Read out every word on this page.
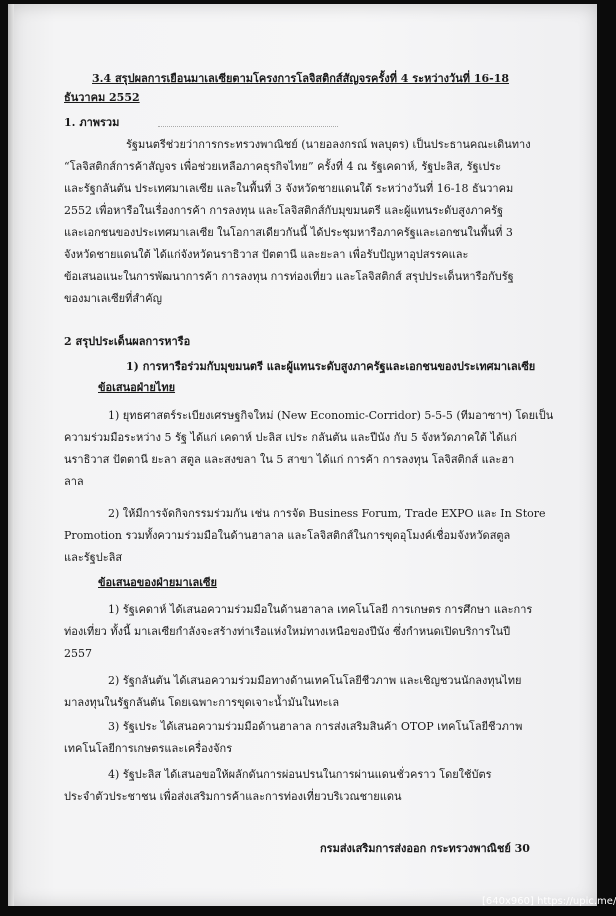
3.4 สรุปผลการเยือนมาเลเซียตามโครงการโลจิสติกส์สัญจรครั้งที่ 4 ระหว่างวันที่ 16-18
ธันวาคม 2552
1. ภาพรวม
รัฐมนตรีช่วยว่าการกระทรวงพาณิชย์ (นายอลงกรณ์ พลบุตร) เป็นประธานคณะเดินทาง
“โลจิสติกส์การค้าสัญจร เพื่อช่วยเหลือภาคธุรกิจไทย” ครั้งที่ 4 ณ รัฐเคดาห์, รัฐปะลิส, รัฐเประ
และรัฐกลันตัน ประเทศมาเลเซีย และในพื้นที่ 3 จังหวัดชายแดนใต้ ระหว่างวันที่ 16-18 ธันวาคม
2552 เพื่อหารือในเรื่องการค้า การลงทุน และโลจิสติกส์กับมุขมนตรี และผู้แทนระดับสูงภาครัฐ
และเอกชนของประเทศมาเลเซีย ในโอกาสเดียวกันนี้ ได้ประชุมหารือภาครัฐและเอกชนในพื้นที่ 3
จังหวัดชายแดนใต้ ได้แก่จังหวัดนราธิวาส ปัตตานี และยะลา เพื่อรับปัญหาอุปสรรคและ
ข้อเสนอแนะในการพัฒนาการค้า การลงทุน การท่องเที่ยว และโลจิสติกส์ สรุปประเด็นหารือกับรัฐ
ของมาเลเซียที่สำคัญ
2 สรุปประเด็นผลการหารือ
1) การหารือร่วมกับมุขมนตรี และผู้แทนระดับสูงภาครัฐและเอกชนของประเทศมาเลเซีย
ข้อเสนอฝ่ายไทย
1) ยุทธศาสตร์ระเบียงเศรษฐกิจใหม่ (New Economic-Corridor) 5-5-5 (ทีมอาซาฯ) โดยเป็น
ความร่วมมือระหว่าง 5 รัฐ ได้แก่ เคดาห์ ปะลิส เประ กลันตัน และปีนัง กับ 5 จังหวัดภาคใต้ ได้แก่
นราธิวาส ปัตตานี ยะลา สตูล และสงขลา ใน 5 สาขา ได้แก่ การค้า การลงทุน โลจิสติกส์ และฮา
ลาล
2) ให้มีการจัดกิจกรรมร่วมกัน เช่น การจัด Business Forum, Trade EXPO และ In Store
Promotion รวมทั้งความร่วมมือในด้านฮาลาล และโลจิสติกส์ในการขุดอุโมงค์เชื่อมจังหวัดสตูล
และรัฐปะลิส
ข้อเสนอของฝ่ายมาเลเซีย
1) รัฐเคดาห์ ได้เสนอความร่วมมือในด้านฮาลาล เทคโนโลยี การเกษตร การศึกษา และการ
ท่องเที่ยว ทั้งนี้ มาเลเซียกำลังจะสร้างท่าเรือแห่งใหม่ทางเหนือของปีนัง ซึ่งกำหนดเปิดบริการในปี
2557
2) รัฐกลันตัน ได้เสนอความร่วมมือทางด้านเทคโนโลยีชีวภาพ และเชิญชวนนักลงทุนไทย
มาลงทุนในรัฐกลันตัน โดยเฉพาะการขุดเจาะน้ำมันในทะเล
3) รัฐเประ ได้เสนอความร่วมมือด้านฮาลาล การส่งเสริมสินค้า OTOP เทคโนโลยีชีวภาพ
เทคโนโลยีการเกษตรและเครื่องจักร
4) รัฐปะลิส ได้เสนอขอให้ผลักดันการผ่อนปรนในการผ่านแดนชั่วคราว โดยใช้บัตร
ประจำตัวประชาชน เพื่อส่งเสริมการค้าและการท่องเที่ยวบริเวณชายแดน
กรมส่งเสริมการส่งออก กระทรวงพาณิชย์ 30
[640x960] https://upic.me/
